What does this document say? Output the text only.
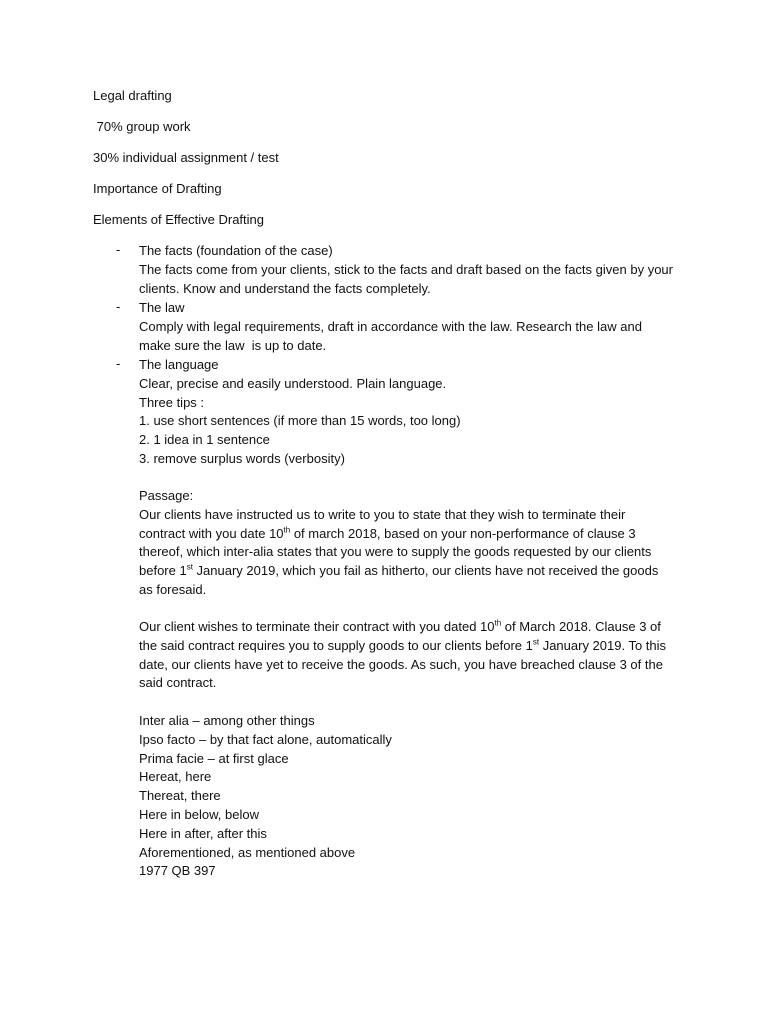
Legal drafting

70% group work

30% individual assignment / test

Importance of Drafting

Elements of Effective Drafting

- The facts (foundation of the case)
The facts come from your clients, stick to the facts and draft based on the facts given by your
clients. Know and understand the facts completely.
- The law
Comply with legal requirements, draft in accordance with the law. Research the law and
make sure the law  is up to date.
- The language
Clear, precise and easily understood. Plain language.
Three tips :
1. use short sentences (if more than 15 words, too long)
2. 1 idea in 1 sentence
3. remove surplus words (verbosity)
Passage:
Our clients have instructed us to write to you to state that they wish to terminate their
contract with you date 10th of march 2018, based on your non-performance of clause 3
thereof, which inter-alia states that you were to supply the goods requested by our clients
before 1st January 2019, which you fail as hitherto, our clients have not received the goods
as foresaid.
Our client wishes to terminate their contract with you dated 10th of March 2018. Clause 3 of
the said contract requires you to supply goods to our clients before 1st January 2019. To this
date, our clients have yet to receive the goods. As such, you have breached clause 3 of the
said contract.
Inter alia – among other things
Ipso facto – by that fact alone, automatically
Prima facie – at first glace
Hereat, here
Thereat, there
Here in below, below
Here in after, after this
Aforementioned, as mentioned above
1977 QB 397
